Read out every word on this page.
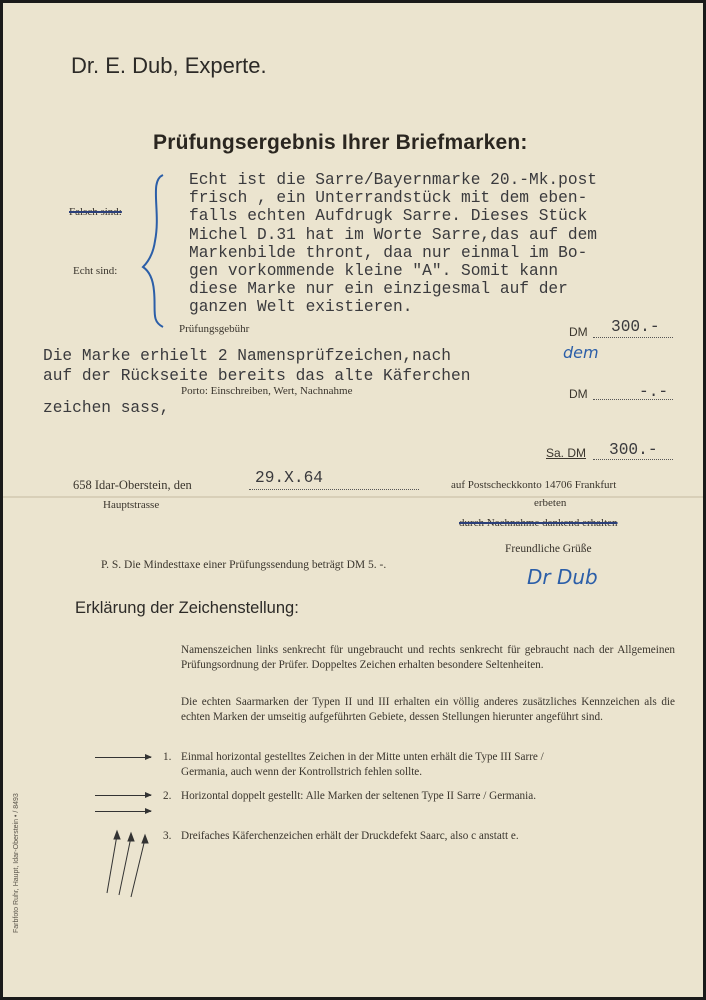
Dr. E. Dub, Experte.
Prüfungsergebnis Ihrer Briefmarken:
Falsch sind:
Echt sind:
Echt ist die Sarre/Bayernmarke 20.-Mk.post
frisch , ein Unterrandstück mit dem eben-
falls echten Aufdrugk Sarre. Dieses Stück
Michel D.31 hat im Worte Sarre,das auf dem
Markenbilde thront, daa nur einmal im Bo-
gen vorkommende kleine "A". Somit kann
diese Marke nur ein einzigesmal auf der
ganzen Welt existieren.
Prüfungsgebühr	DM 300.-
Die Marke erhielt 2 Namensprüfzeichen,nach	dem
auf der Rückseite bereits das alte Käferchen
Porto: Einschreiben, Wert, Nachnahme	DM	-.-
zeichen sass,
Sa. DM 300.-
658 Idar-Oberstein, den	29.X.64
Hauptstrasse
auf Postscheckkonto 14706 Frankfurt
erbeten
durch Nachnahme dankend erhalten
Freundliche Grüße
Dr Dub
P. S. Die Mindesttaxe einer Prüfungssendung beträgt DM 5. -.
Erklärung der Zeichenstellung:
Namenszeichen links senkrecht für ungebraucht und rechts senkrecht für gebraucht nach der Allgemeinen Prüfungsordnung der Prüfer. Doppeltes Zeichen erhalten besondere Seltenheiten.
Die echten Saarmarken der Typen II und III erhalten ein völlig anderes zusätzliches Kennzeichen als die echten Marken der umseitig aufgeführten Gebiete, dessen Stellungen hierunter angeführt sind.
1. Einmal horizontal gestelltes Zeichen in der Mitte unten erhält die Type III Sarre /
Germania, auch wenn der Kontrollstrich fehlen sollte.
2. Horizontal doppelt gestellt: Alle Marken der seltenen Type II Sarre / Germania.
3. Dreifaches Käferchenzeichen erhält der Druckdefekt Saarc, also c anstatt e.
Farbfoto Ruhr, Haupt, Idar-Oberstein • / 8493
